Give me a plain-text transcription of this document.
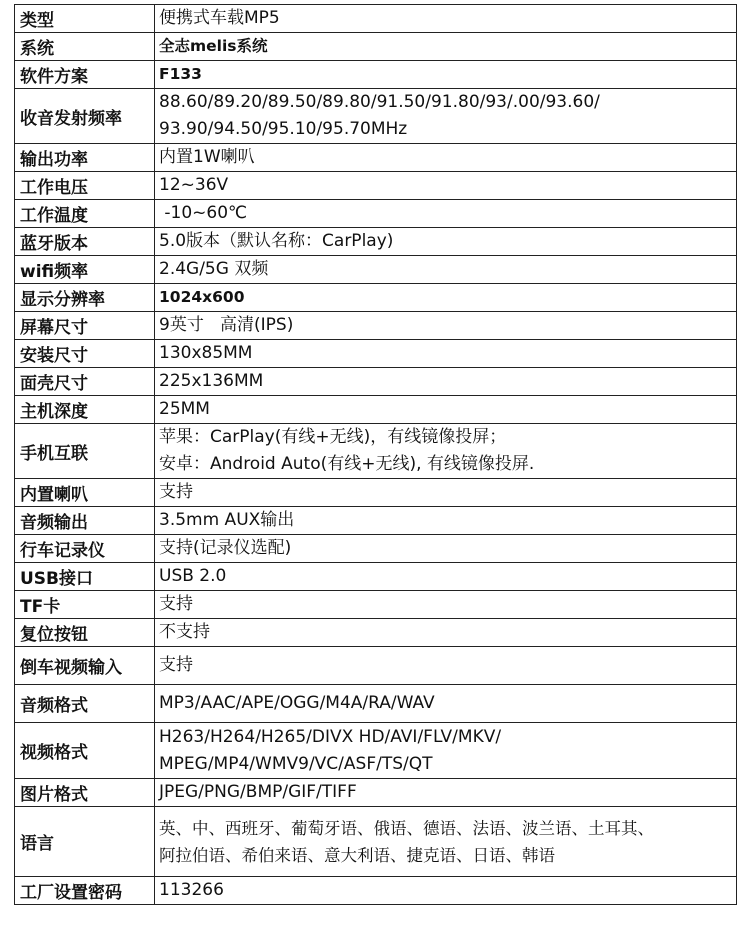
类型	便携式车载MP5

系统	全志melis系统

软件方案	F133

收音发射频率	88.60/89.20/89.50/89.80/91.50/91.80/93/.00/93.60/
93.90/94.50/95.10/95.70MHz

输出功率	内置1W喇叭

工作电压	12~36V

工作温度	-10~60℃

蓝牙版本	5.0版本（默认名称：CarPlay)

wifi频率	2.4G/5G 双频

显示分辨率	1024x600

屏幕尺寸	9英寸   高清(IPS)

安装尺寸	130x85MM

面壳尺寸	225x136MM

主机深度	25MM

手机互联	苹果：CarPlay(有线+无线)，有线镜像投屏；
安卓：Android Auto(有线+无线), 有线镜像投屏.

内置喇叭	支持

音频输出	3.5mm AUX输出

行车记录仪	支持(记录仪选配)

USB接口	USB 2.0

TF卡	支持

复位按钮	不支持

倒车视频输入	支持

音频格式	MP3/AAC/APE/OGG/M4A/RA/WAV

视频格式	H263/H264/H265/DIVX HD/AVI/FLV/MKV/
MPEG/MP4/WMV9/VC/ASF/TS/QT

图片格式	JPEG/PNG/BMP/GIF/TIFF

语言	英、中、西班牙、葡萄牙语、俄语、德语、法语、波兰语、土耳其、
阿拉伯语、希伯来语、意大利语、捷克语、日语、韩语

工厂设置密码	113266
